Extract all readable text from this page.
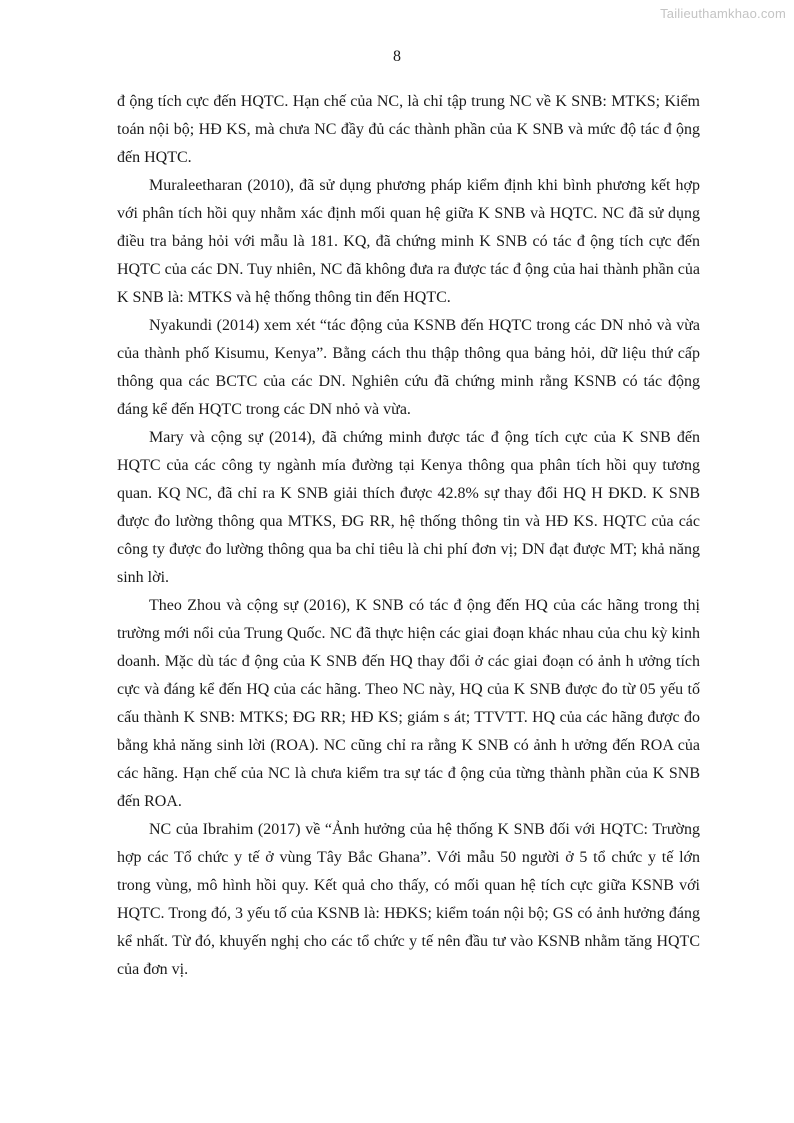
Tailieuthamkhao.com
8

đ ộng tích cực đến HQTC. Hạn chế của NC, là chỉ tập trung NC về K SNB: MTKS; Kiểm toán nội bộ; HĐ KS, mà chưa NC đầy đủ các thành phần của K SNB và mức độ tác đ ộng đến HQTC.

Muraleetharan (2010), đã sử dụng phương pháp kiểm định khi bình phương kết hợp với phân tích hồi quy nhằm xác định mối quan hệ giữa K SNB và HQTC. NC đã sử dụng điều tra bảng hỏi với mẫu là 181. KQ, đã chứng minh K SNB có tác đ ộng tích cực đến HQTC của các DN. Tuy nhiên, NC đã không đưa ra được tác đ ộng của hai thành phần của K SNB là: MTKS và hệ thống thông tin đến HQTC.

Nyakundi (2014) xem xét “tác động của KSNB đến HQTC trong các DN nhỏ và vừa của thành phố Kisumu, Kenya”. Bằng cách thu thập thông qua bảng hỏi, dữ liệu thứ cấp thông qua các BCTC của các DN. Nghiên cứu đã chứng minh rằng KSNB có tác động đáng kể đến HQTC trong các DN nhỏ và vừa.

Mary và cộng sự (2014), đã chứng minh được tác đ ộng tích cực của K SNB đến HQTC của các công ty ngành mía đường tại Kenya thông qua phân tích hồi quy tương quan. KQ NC, đã chỉ ra K SNB giải thích được 42.8% sự thay đổi HQ H ĐKD. K SNB được đo lường thông qua MTKS, ĐG RR, hệ thống thông tin và HĐ KS. HQTC của các công ty được đo lường thông qua ba chỉ tiêu là chi phí đơn vị; DN đạt được MT; khả năng sinh lời.

Theo Zhou và cộng sự (2016), K SNB có tác đ ộng đến HQ của các hãng trong thị trường mới nổi của Trung Quốc. NC đã thực hiện các giai đoạn khác nhau của chu kỳ kinh doanh. Mặc dù tác đ ộng của K SNB đến HQ thay đổi ở các giai đoạn có ảnh h ưởng tích cực và đáng kể đến HQ của các hãng. Theo NC này, HQ của K SNB được đo từ 05 yếu tố cấu thành K SNB: MTKS; ĐG RR; HĐ KS; giám s át; TTVTT. HQ của các hãng được đo bằng khả năng sinh lời (ROA). NC cũng chỉ ra rằng K SNB có ảnh h ưởng đến ROA của các hãng. Hạn chế của NC là chưa kiểm tra sự tác đ ộng của từng thành phần của K SNB đến ROA.

NC của Ibrahim (2017) về “Ảnh hưởng của hệ thống K SNB đối với HQTC: Trường hợp các Tổ chức y tế ở vùng Tây Bắc Ghana”. Với mẫu 50 người ở 5 tổ chức y tế lớn trong vùng, mô hình hồi quy. Kết quả cho thấy, có mối quan hệ tích cực giữa KSNB với HQTC. Trong đó, 3 yếu tố của KSNB là: HĐKS; kiểm toán nội bộ; GS có ảnh hưởng đáng kể nhất. Từ đó, khuyến nghị cho các tổ chức y tế nên đầu tư vào KSNB nhằm tăng HQTC của đơn vị.
